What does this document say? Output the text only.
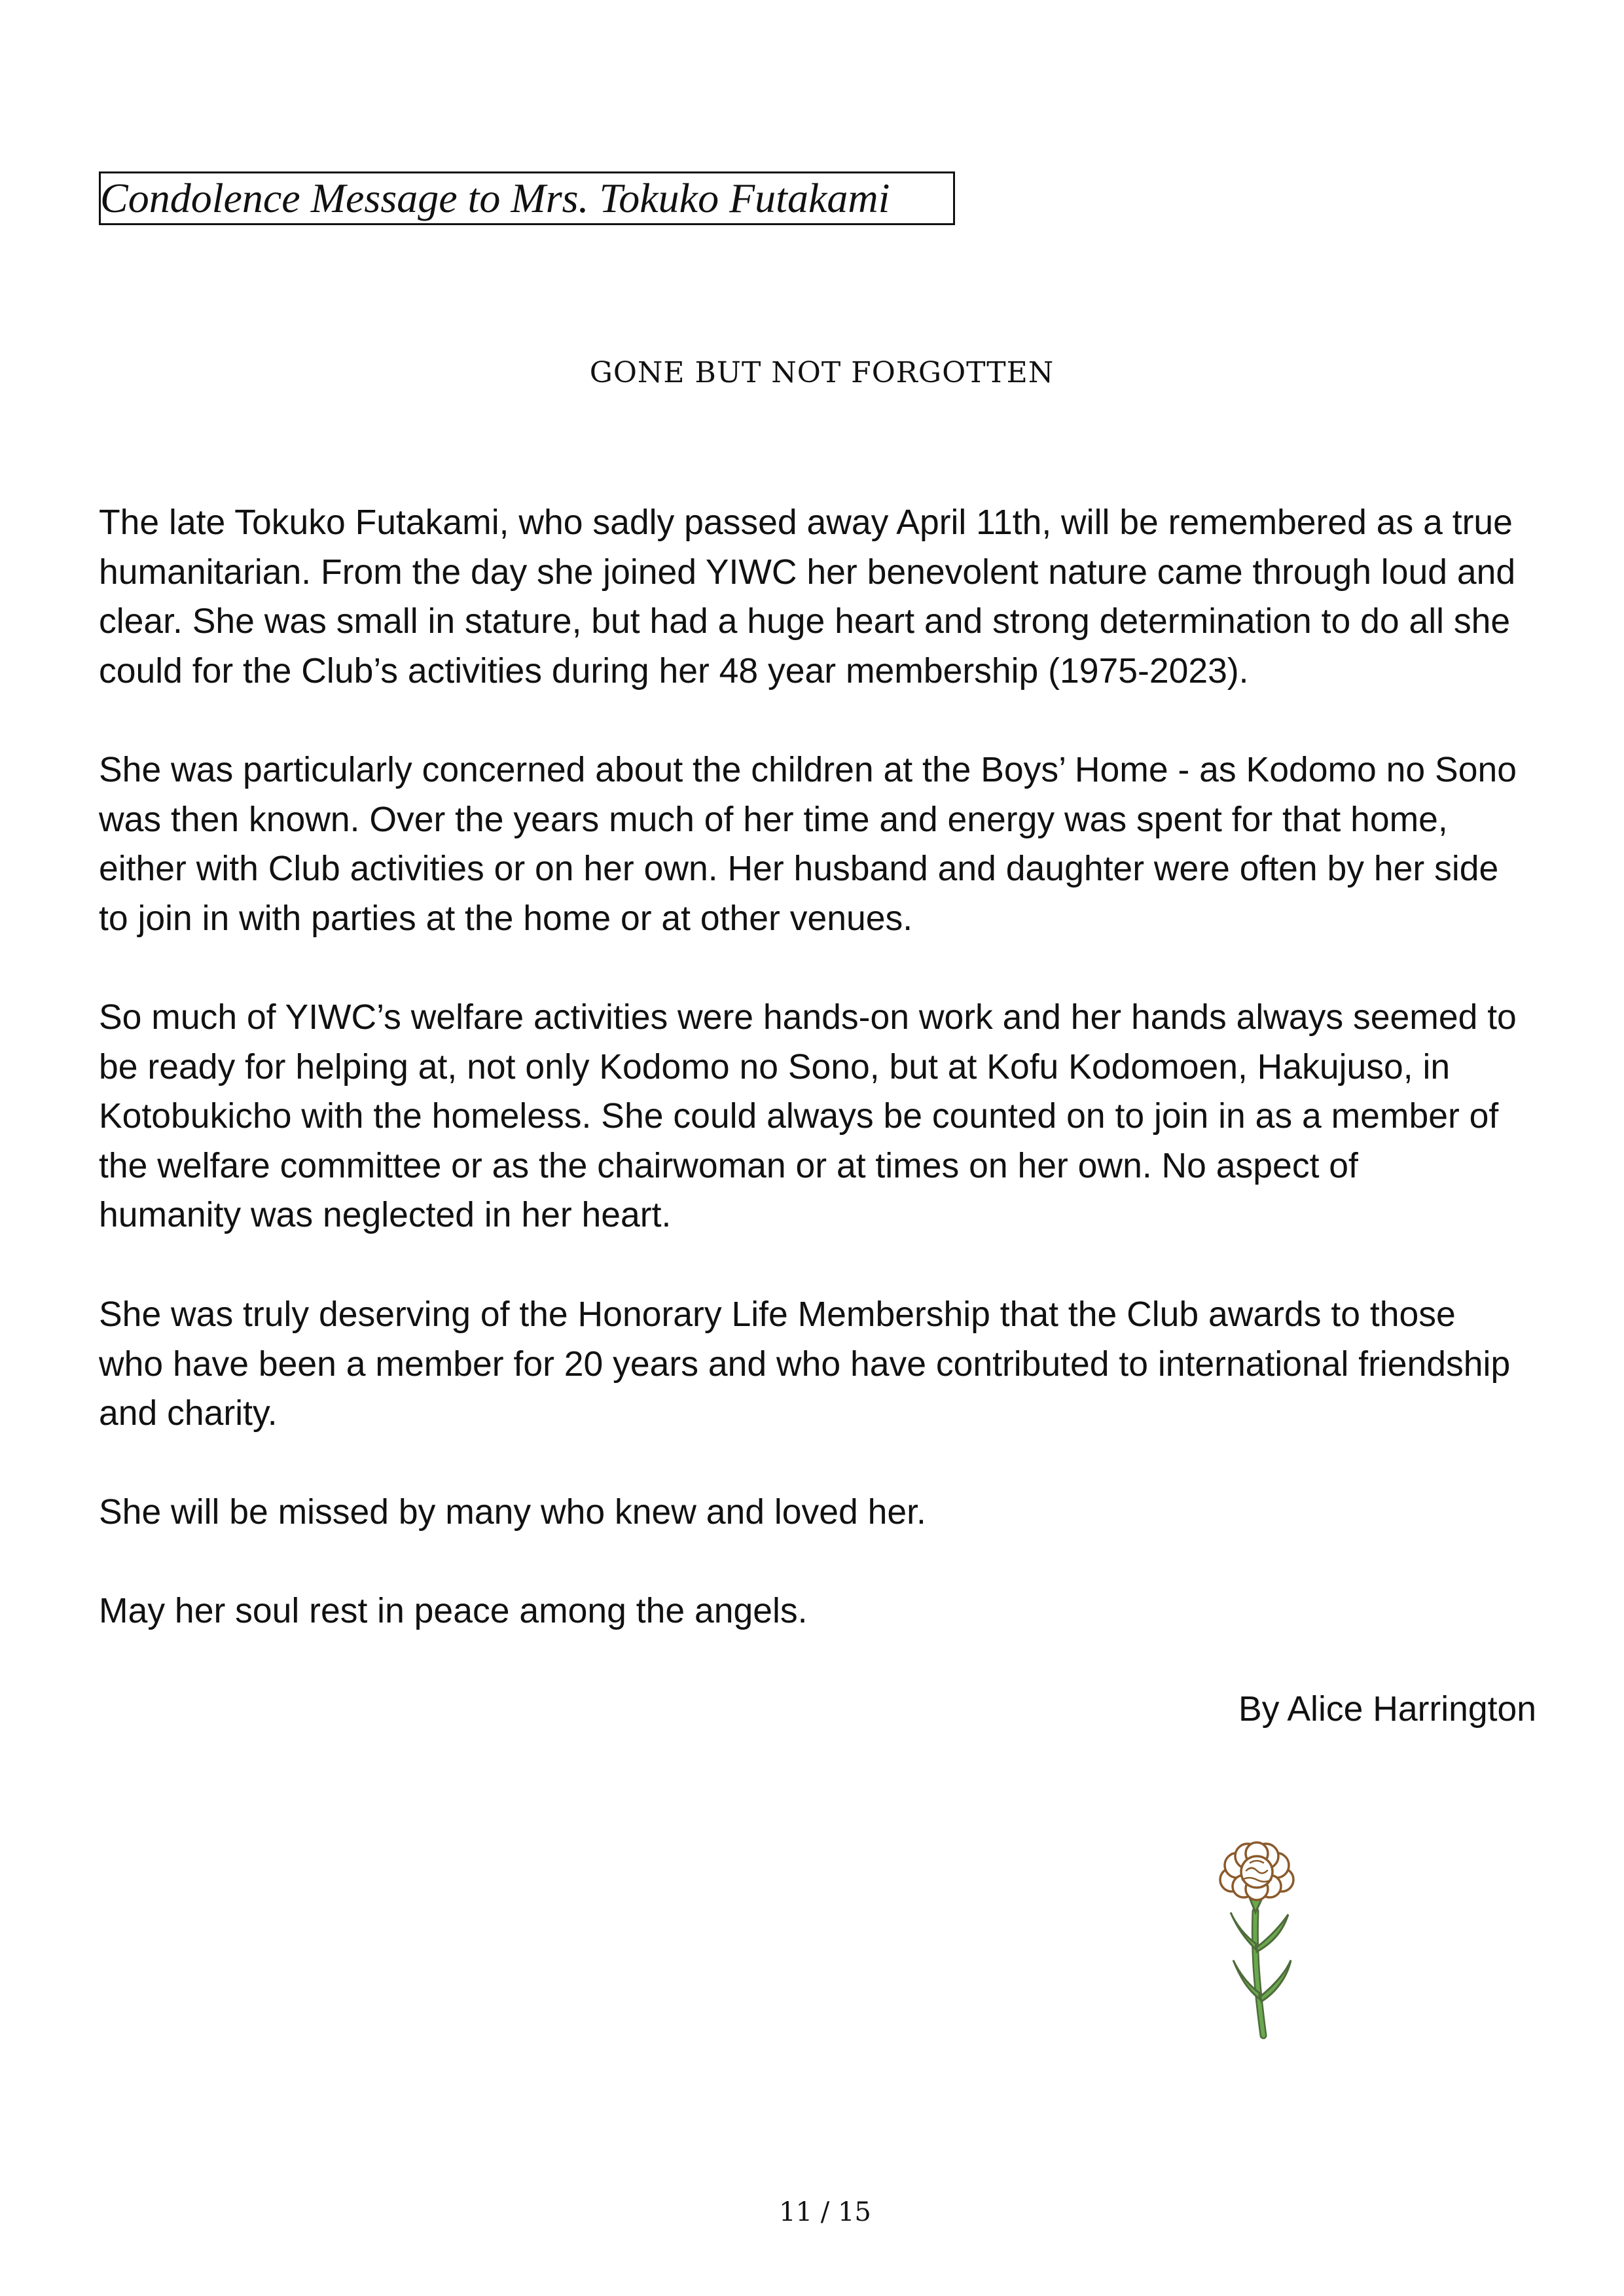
Condolence Message to Mrs. Tokuko Futakami
GONE BUT NOT FORGOTTEN
The late Tokuko Futakami, who sadly passed away April 11th, will be remembered as a true
humanitarian. From the day she joined YIWC her benevolent nature came through loud and
clear. She was small in stature, but had a huge heart and strong determination to do all she
could for the Club’s activities during her 48 year membership (1975-2023).
She was particularly concerned about the children at the Boys’ Home - as Kodomo no Sono
was then known. Over the years much of her time and energy was spent for that home,
either with Club activities or on her own. Her husband and daughter were often by her side
to join in with parties at the home or at other venues.
So much of YIWC’s welfare activities were hands-on work and her hands always seemed to
be ready for helping at, not only Kodomo no Sono, but at Kofu Kodomoen, Hakujuso, in
Kotobukicho with the homeless. She could always be counted on to join in as a member of
the welfare committee or as the chairwoman or at times on her own. No aspect of
humanity was neglected in her heart.
She was truly deserving of the Honorary Life Membership that the Club awards to those
who have been a member for 20 years and who have contributed to international friendship
and charity.
She will be missed by many who knew and loved her.
May her soul rest in peace among the angels.
By Alice Harrington
11 / 15
